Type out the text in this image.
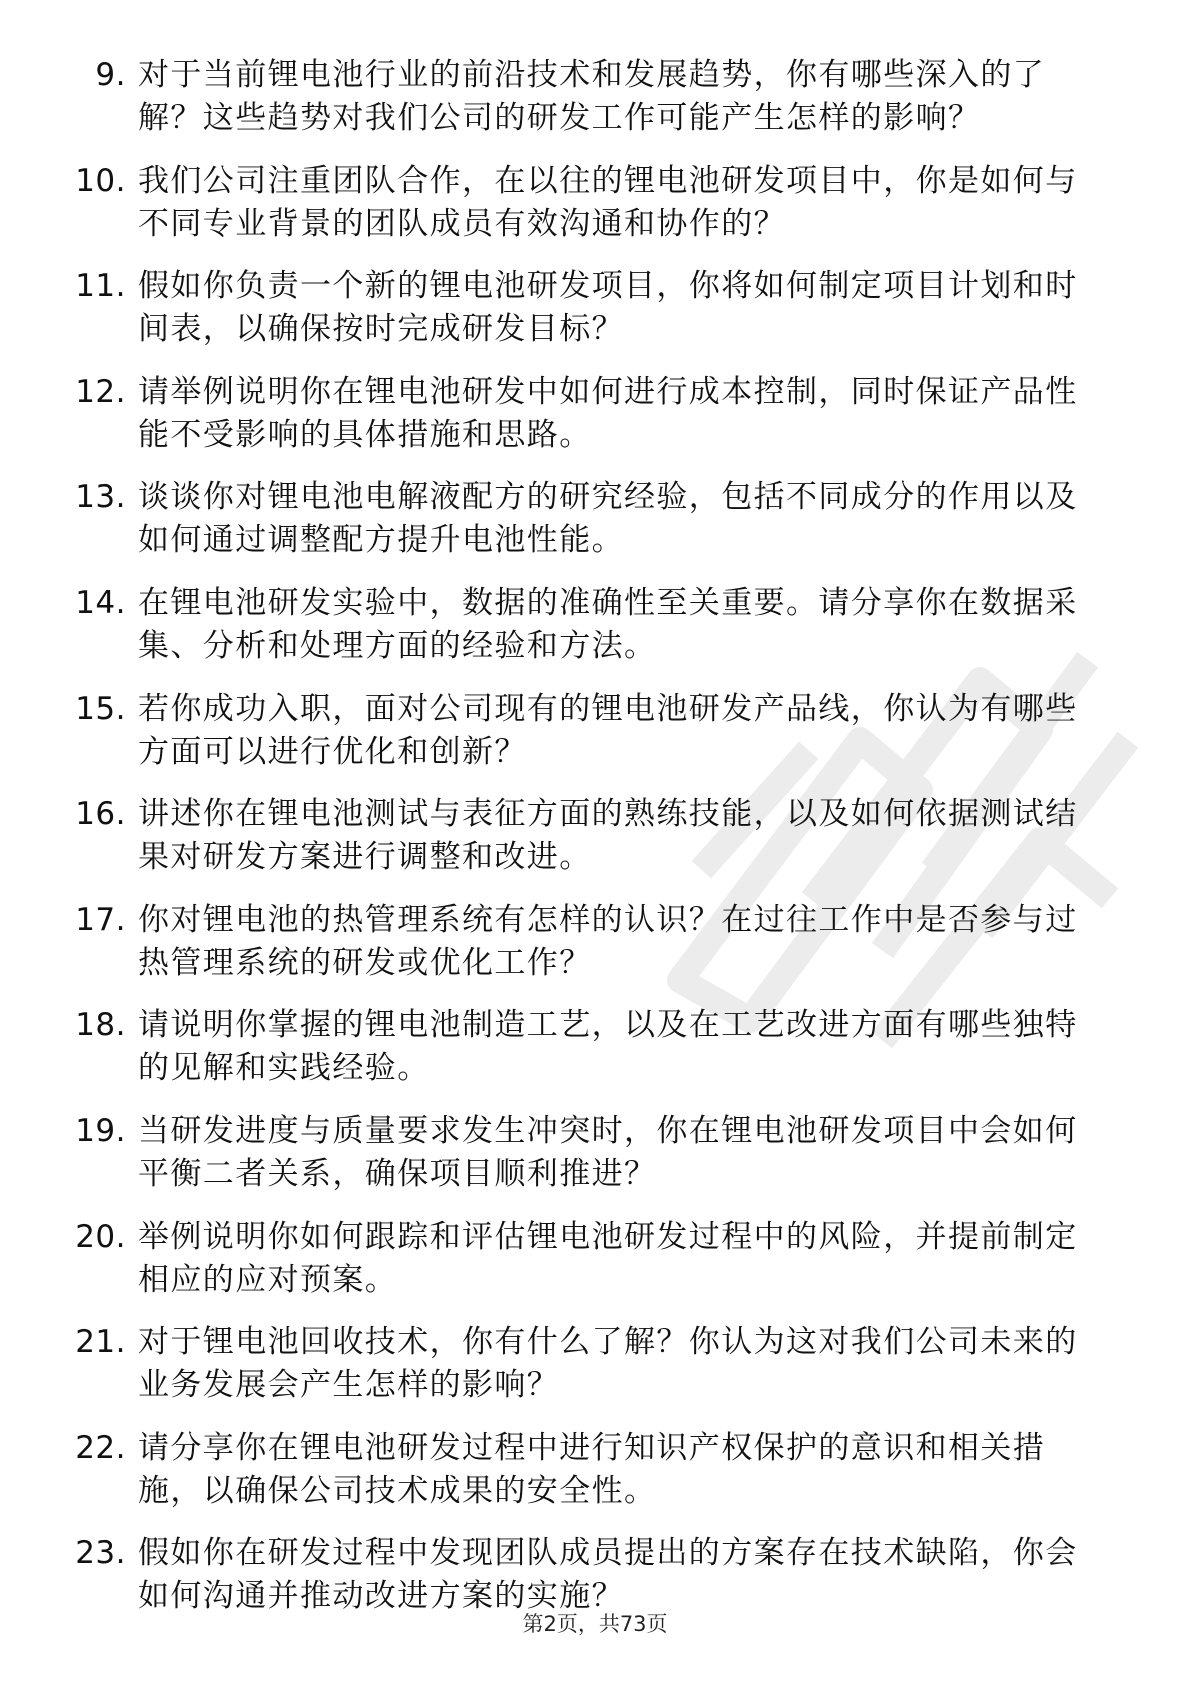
9. 对于当前锂电池行业的前沿技术和发展趋势，你有哪些深入的了解？这些趋势对我们公司的研发工作可能产生怎样的影响？
10. 我们公司注重团队合作，在以往的锂电池研发项目中，你是如何与不同专业背景的团队成员有效沟通和协作的？
11. 假如你负责一个新的锂电池研发项目，你将如何制定项目计划和时间表，以确保按时完成研发目标？
12. 请举例说明你在锂电池研发中如何进行成本控制，同时保证产品性能不受影响的具体措施和思路。
13. 谈谈你对锂电池电解液配方的研究经验，包括不同成分的作用以及如何通过调整配方提升电池性能。
14. 在锂电池研发实验中，数据的准确性至关重要。请分享你在数据采集、分析和处理方面的经验和方法。
15. 若你成功入职，面对公司现有的锂电池研发产品线，你认为有哪些方面可以进行优化和创新？
16. 讲述你在锂电池测试与表征方面的熟练技能，以及如何依据测试结果对研发方案进行调整和改进。
17. 你对锂电池的热管理系统有怎样的认识？在过往工作中是否参与过热管理系统的研发或优化工作？
18. 请说明你掌握的锂电池制造工艺，以及在工艺改进方面有哪些独特的见解和实践经验。
19. 当研发进度与质量要求发生冲突时，你在锂电池研发项目中会如何平衡二者关系，确保项目顺利推进？
20. 举例说明你如何跟踪和评估锂电池研发过程中的风险，并提前制定相应的应对预案。
21. 对于锂电池回收技术，你有什么了解？你认为这对我们公司未来的业务发展会产生怎样的影响？
22. 请分享你在锂电池研发过程中进行知识产权保护的意识和相关措施，以确保公司技术成果的安全性。
23. 假如你在研发过程中发现团队成员提出的方案存在技术缺陷，你会如何沟通并推动改进方案的实施？
第2页，共73页
